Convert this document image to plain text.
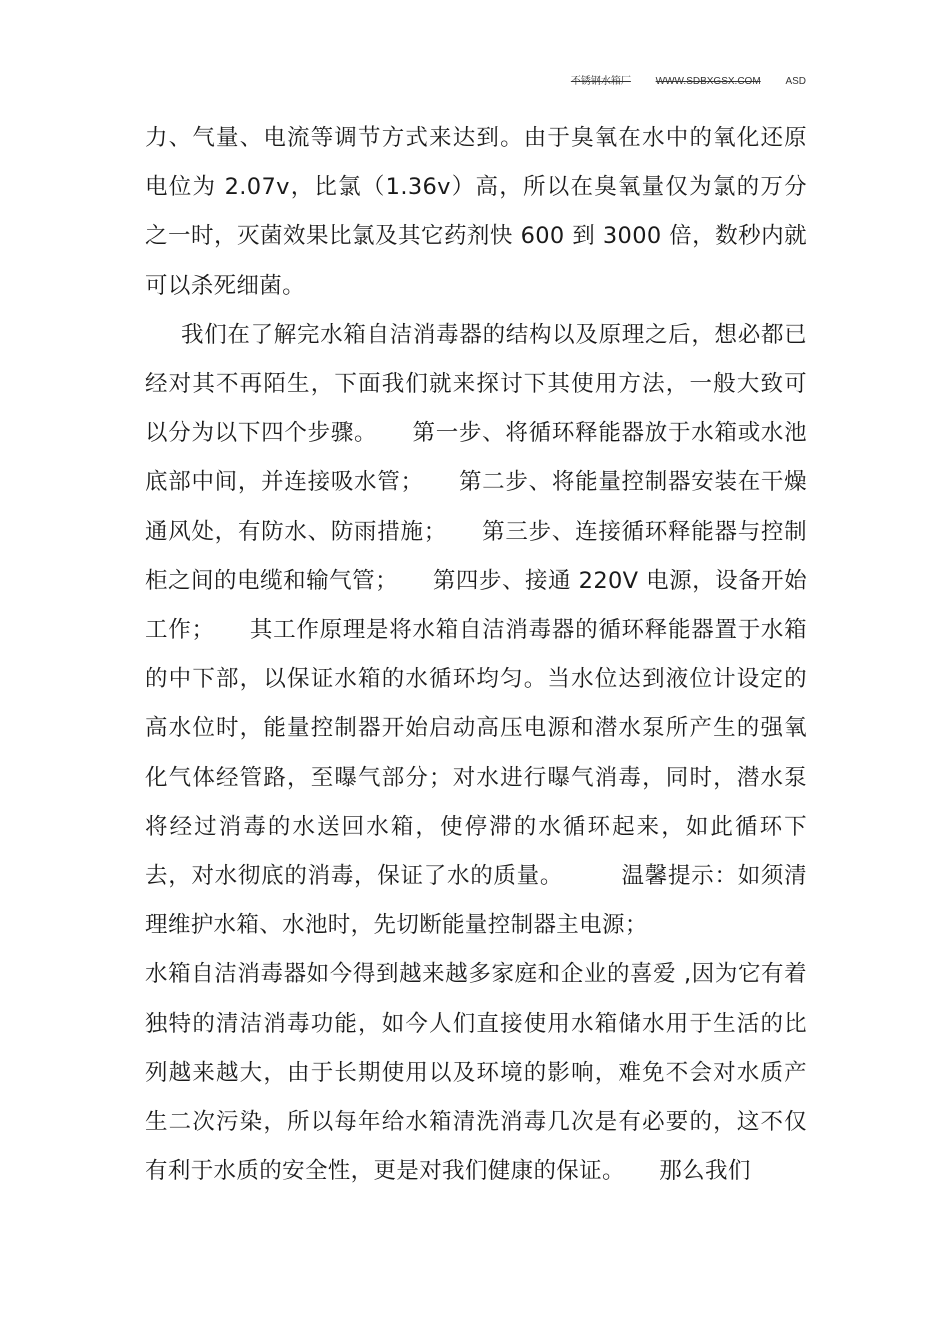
不锈钢水箱厂 WWW.SDBXGSX.COM ASD

力、气量、电流等调节方式来达到。由于臭氧在水中的氧化还原电位为 2.07v，比氯（1.36v）高，所以在臭氧量仅为氯的万分之一时，灭菌效果比氯及其它药剂快 600 到 3000 倍，数秒内就可以杀死细菌。

我们在了解完水箱自洁消毒器的结构以及原理之后，想必都已经对其不再陌生，下面我们就来探讨下其使用方法，一般大致可以分为以下四个步骤。　　第一步、将循环释能器放于水箱或水池底部中间，并连接吸水管；　　第二步、将能量控制器安装在干燥通风处，有防水、防雨措施；　　第三步、连接循环释能器与控制柜之间的电缆和输气管；　　第四步、接通 220V 电源，设备开始工作；　　其工作原理是将水箱自洁消毒器的循环释能器置于水箱的中下部，以保证水箱的水循环均匀。当水位达到液位计设定的高水位时，能量控制器开始启动高压电源和潜水泵所产生的强氧化气体经管路，至曝气部分；对水进行曝气消毒，同时，潜水泵将经过消毒的水送回水箱，使停滞的水循环起来，如此循环下去，对水彻底的消毒，保证了水的质量。　　　温馨提示：如须清理维护水箱、水池时，先切断能量控制器主电源；

水箱自洁消毒器如今得到越来越多家庭和企业的喜爱 ,因为它有着独特的清洁消毒功能，如今人们直接使用水箱储水用于生活的比列越来越大，由于长期使用以及环境的影响，难免不会对水质产生二次污染，所以每年给水箱清洗消毒几次是有必要的，这不仅有利于水质的安全性，更是对我们健康的保证。　　那么我们
